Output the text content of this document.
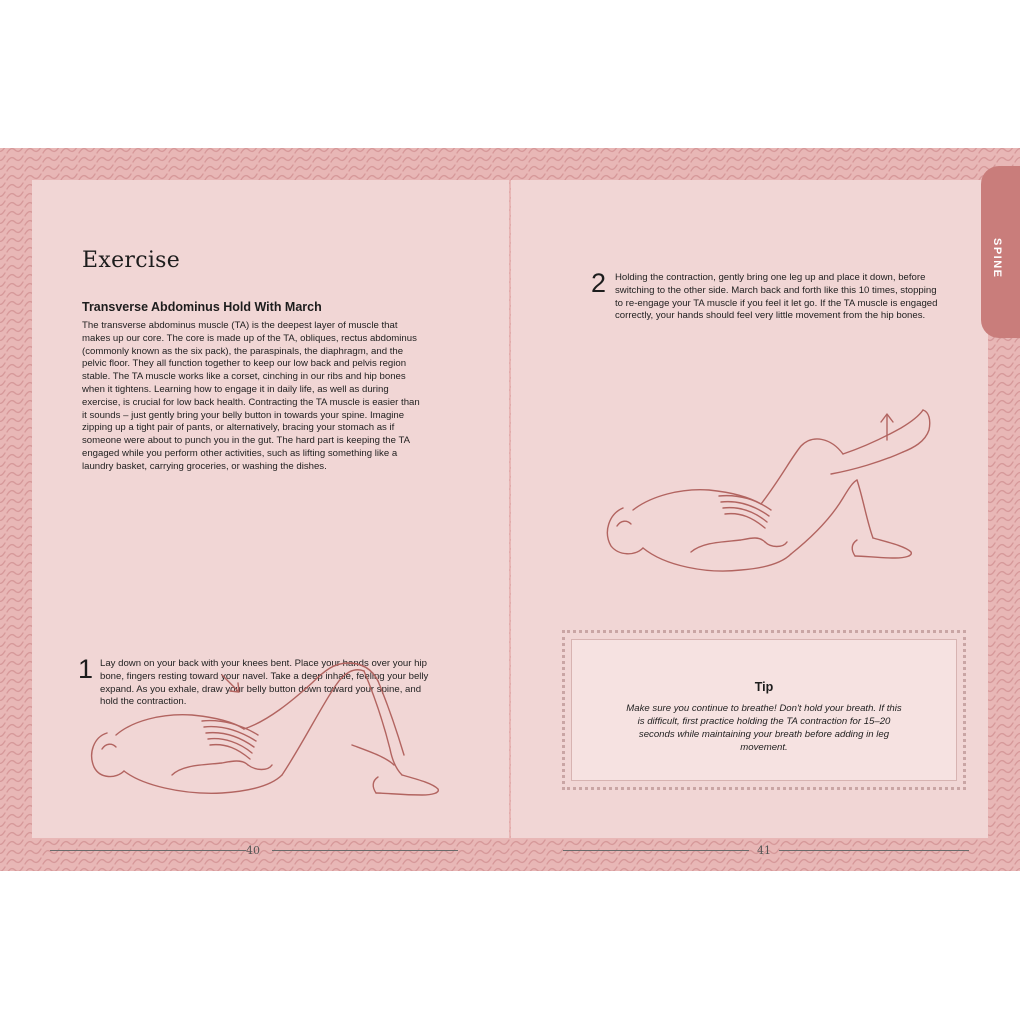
Exercise
Transverse Abdominus Hold With March
The transverse abdominus muscle (TA) is the deepest layer of muscle that makes up our core. The core is made up of the TA, obliques, rectus abdominus (commonly known as the six pack), the paraspinals, the diaphragm, and the pelvic floor. They all function together to keep our low back and pelvis region stable. The TA muscle works like a corset, cinching in our ribs and hip bones when it tightens. Learning how to engage it in daily life, as well as during exercise, is crucial for low back health. Contracting the TA muscle is easier than it sounds – just gently bring your belly button in towards your spine. Imagine zipping up a tight pair of pants, or alternatively, bracing your stomach as if someone were about to punch you in the gut. The hard part is keeping the TA engaged while you perform other activities, such as lifting something like a laundry basket, carrying groceries, or washing the dishes.
1 Lay down on your back with your knees bent. Place your hands over your hip bone, fingers resting toward your navel. Take a deep inhale, feeling your belly expand. As you exhale, draw your belly button down toward your spine, and hold the contraction.
40
2 Holding the contraction, gently bring one leg up and place it down, before switching to the other side. March back and forth like this 10 times, stopping to re-engage your TA muscle if you feel it let go. If the TA muscle is engaged correctly, your hands should feel very little movement from the hip bones.
Tip
Make sure you continue to breathe! Don't hold your breath. If this is difficult, first practice holding the TA contraction for 15–20 seconds while maintaining your breath before adding in leg movement.
41
SPINE
